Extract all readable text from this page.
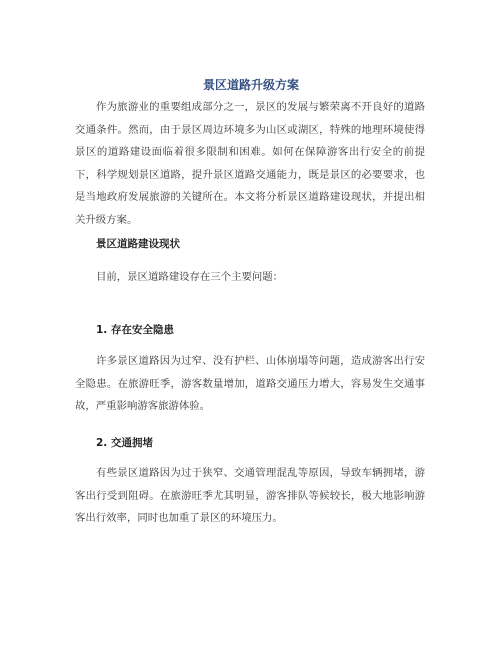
景区道路升级方案

作为旅游业的重要组成部分之一，景区的发展与繁荣离不开良好的道路交通条件。然而，由于景区周边环境多为山区或湖区，特殊的地理环境使得景区的道路建设面临着很多限制和困难。如何在保障游客出行安全的前提下，科学规划景区道路，提升景区道路交通能力，既是景区的必要要求，也是当地政府发展旅游的关键所在。本文将分析景区道路建设现状，并提出相关升级方案。

景区道路建设现状

目前，景区道路建设存在三个主要问题：

1. 存在安全隐患

许多景区道路因为过窄、没有护栏、山体崩塌等问题，造成游客出行安全隐患。在旅游旺季，游客数量增加，道路交通压力增大，容易发生交通事故，严重影响游客旅游体验。

2. 交通拥堵

有些景区道路因为过于狭窄、交通管理混乱等原因，导致车辆拥堵，游客出行受到阻碍。在旅游旺季尤其明显，游客排队等候较长，极大地影响游客出行效率，同时也加重了景区的环境压力。
